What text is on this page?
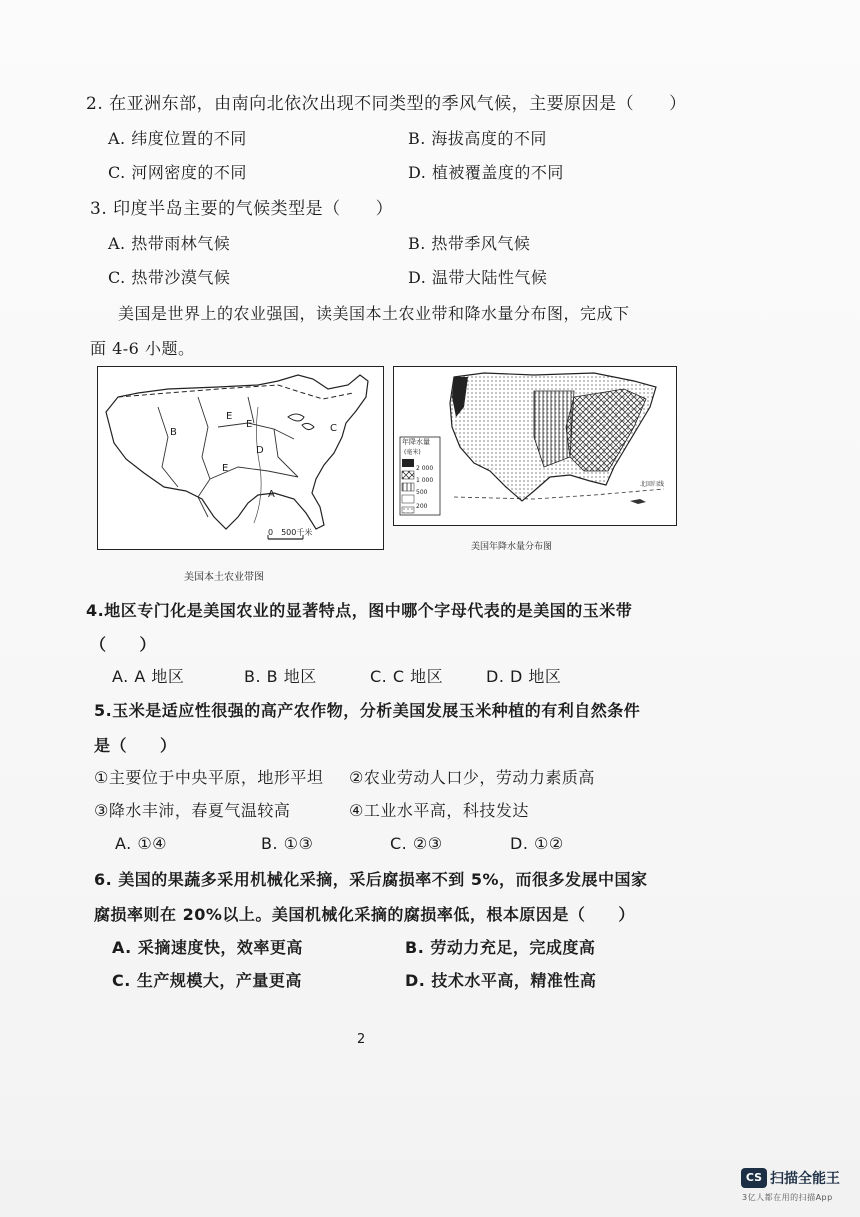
2. 在亚洲东部，由南向北依次出现不同类型的季风气候，主要原因是（　　）
A. 纬度位置的不同	B. 海拔高度的不同
C. 河网密度的不同	D. 植被覆盖度的不同
3. 印度半岛主要的气候类型是（　　）
A. 热带雨林气候	B. 热带季风气候
C. 热带沙漠气候	D. 温带大陆性气候
美国是世界上的农业强国，读美国本土农业带和降水量分布图，完成下
面 4-6 小题。
E
B
E
D
C
E
A
0　500千米
美国本土农业带图
年降水量
(毫米)
2 000
1 000
500
200
北回归线
美国年降水量分布图
4.地区专门化是美国农业的显著特点，图中哪个字母代表的是美国的玉米带
（　　）
A. A 地区	B. B 地区	C. C 地区	D. D 地区
5.玉米是适应性很强的高产农作物，分析美国发展玉米种植的有利自然条件
是（　　）
①主要位于中央平原，地形平坦 ②农业劳动人口少，劳动力素质高
③降水丰沛，春夏气温较高	④工业水平高，科技发达
A. ①④	B. ①③	C. ②③	D. ①②
6. 美国的果蔬多采用机械化采摘，采后腐损率不到 5%，而很多发展中国家
腐损率则在 20%以上。美国机械化采摘的腐损率低，根本原因是（　　）
A. 采摘速度快，效率更高	B. 劳动力充足，完成度高
C. 生产规模大，产量更高	D. 技术水平高，精准性高
2
CS 扫描全能王
3亿人都在用的扫描App
